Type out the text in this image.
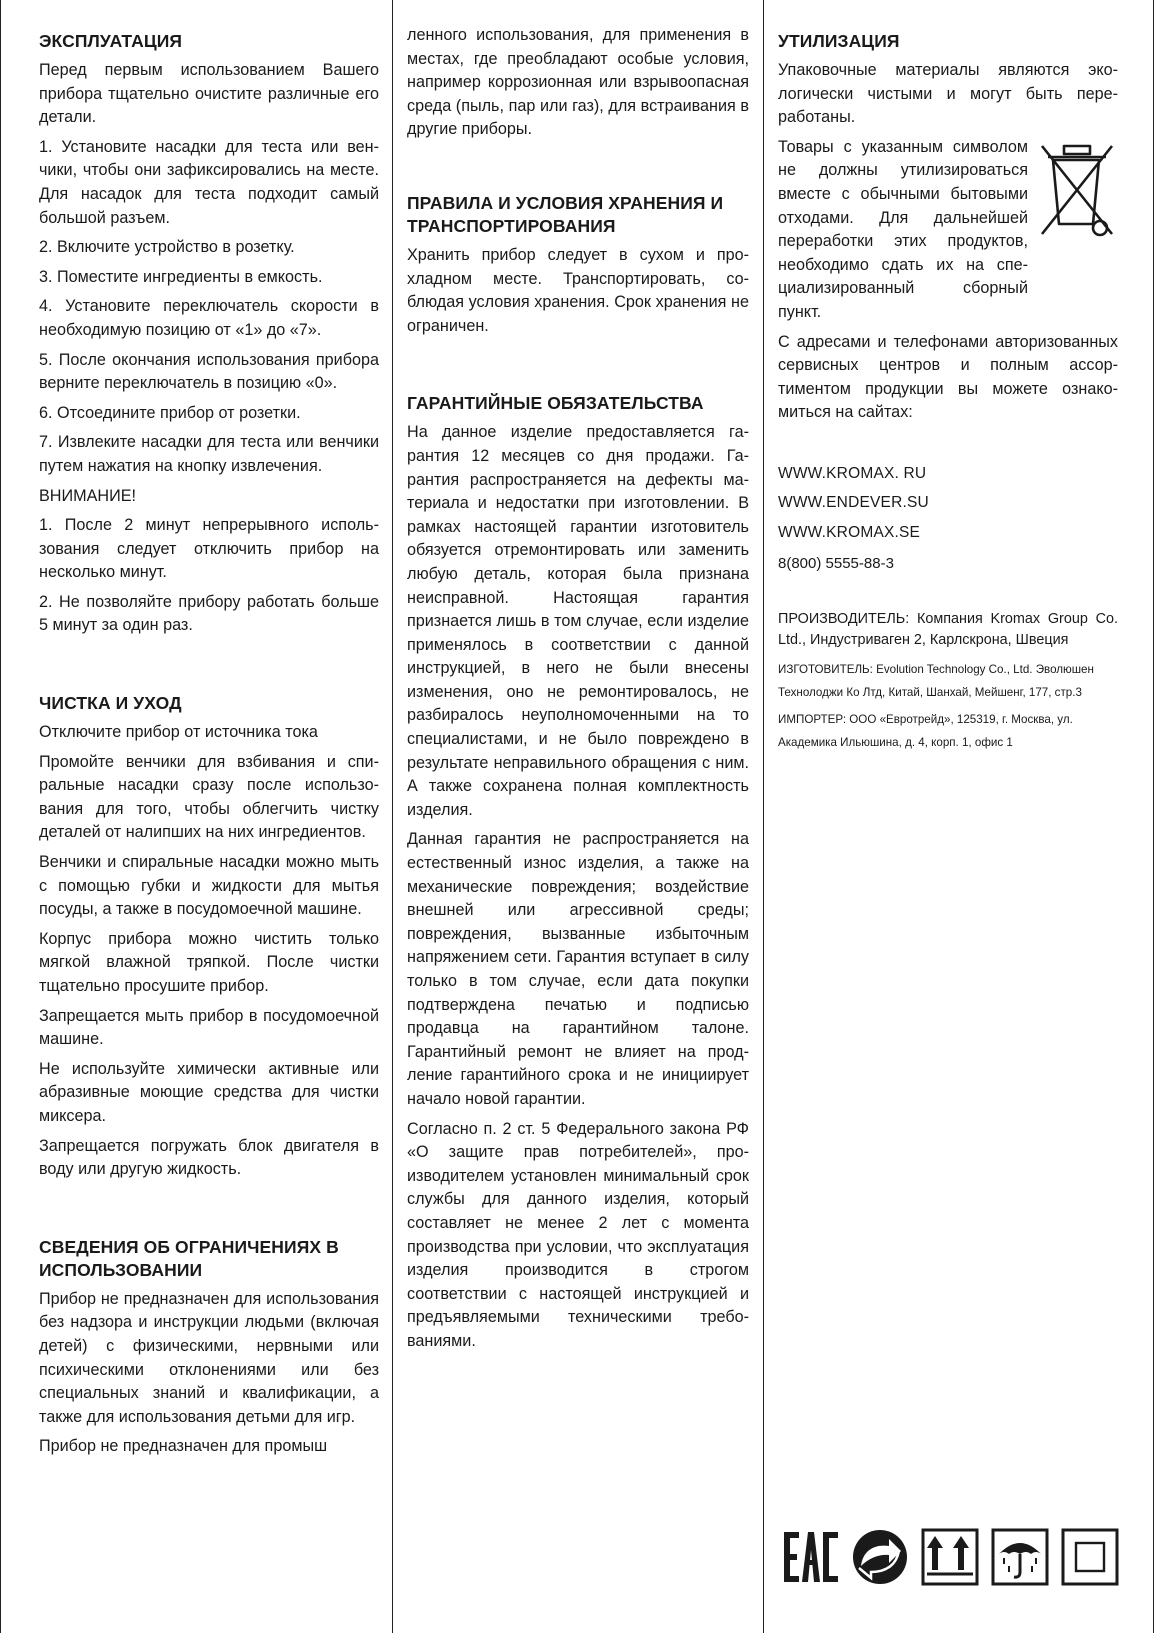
ЭКСПЛУАТАЦИЯ

Перед первым использованием Вашего прибора тщательно очистите различные его детали.

1. Установите насадки для теста или венчики, чтобы они зафиксировались на месте. Для насадок для теста подходит самый большой разъем.

2. Включите устройство в розетку.

3. Поместите ингредиенты в емкость.

4. Установите переключатель скорости в необходимую позицию от «1» до «7».

5. После окончания использования прибора верните переключатель в позицию «0».

6. Отсоедините прибор от розетки.

7. Извлеките насадки для теста или венчики путем нажатия на кнопку извлечения.

ВНИМАНИЕ!

1. После 2 минут непрерывного использования следует отключить прибор на несколько минут.

2. Не позволяйте прибору работать больше 5 минут за один раз.

ЧИСТКА И УХОД

Отключите прибор от источника тока

Промойте венчики для взбивания и спиральные насадки сразу после использования для того, чтобы облегчить чистку деталей от налипших на них ингредиентов.

Венчики и спиральные насадки можно мыть с помощью губки и жидкости для мытья посуды, а также в посудомоечной машине.

Корпус прибора можно чистить только мягкой влажной тряпкой. После чистки тщательно просушите прибор.

Запрещается мыть прибор в посудомоечной машине.

Не используйте химически активные или абразивные моющие средства для чистки миксера.

Запрещается погружать блок двигателя в воду или другую жидкость.

СВЕДЕНИЯ ОБ ОГРАНИЧЕНИЯХ В ИСПОЛЬЗОВАНИИ

Прибор не предназначен для использования без надзора и инструкции людьми (включая детей) с физическими, нервными или психическими отклонениями или без специальных знаний и квалификации, а также для использования детьми для игр.

Прибор не предназначен для промыш

ленного использования, для применения в местах, где преобладают особые условия, например коррозионная или взрывоопасная среда (пыль, пар или газ), для встраивания в другие приборы.

ПРАВИЛА И УСЛОВИЯ ХРАНЕНИЯ И ТРАНСПОРТИРОВАНИЯ

Хранить прибор следует в сухом и прохладном месте. Транспортировать, соблюдая условия хранения. Срок хранения не ограничен.

ГАРАНТИЙНЫЕ ОБЯЗАТЕЛЬСТВА

На данное изделие предоставляется гарантия 12 месяцев со дня продажи. Гарантия распространяется на дефекты материала и недостатки при изготовлении. В рамках настоящей гарантии изготовитель обязуется отремонтировать или заменить любую деталь, которая была признана неисправной. Настоящая гарантия признается лишь в том случае, если изделие применялось в соответствии с данной инструкцией, в него не были внесены изменения, оно не ремонтировалось, не разбиралось неуполномоченными на то специалистами, и не было повреждено в результате неправильного обращения с ним. А также сохранена полная комплектность изделия.

Данная гарантия не распространяется на естественный износ изделия, а также на механические повреждения; воздействие внешней или агрессивной среды; повреждения, вызванные избыточным напряжением сети. Гарантия вступает в силу только в том случае, если дата покупки подтверждена печатью и подписью продавца на гарантийном талоне. Гарантийный ремонт не влияет на продление гарантийного срока и не инициирует начало новой гарантии.

Согласно п. 2 ст. 5 Федерального закона РФ «О защите прав потребителей», производителем установлен минимальный срок службы для данного изделия, который составляет не менее 2 лет с момента производства при условии, что эксплуатация изделия производится в строгом соответствии с настоящей инструкцией и предъявляемыми техническими требованиями.

УТИЛИЗАЦИЯ

Упаковочные материалы являются экологически чистыми и могут быть переработаны.

Товары с указанным символом не должны утилизироваться вместе с обычными бытовыми отходами. Для дальнейшей переработки этих продуктов, необходимо сдать их на специализированный сборный пункт.

С адресами и телефонами авторизованных сервисных центров и полным ассортиментом продукции вы можете ознакомиться на сайтах:

WWW.KROMAX. RU

WWW.ENDEVER.SU

WWW.KROMAX.SE

8(800) 5555-88-3

ПРОИЗВОДИТЕЛЬ: Компания Kromax Group Co. Ltd., Индустриваген 2, Карлскрона, Швеция

ИЗГОТОВИТЕЛЬ: Evolution Technology Co., Ltd. Эволюшен Технолоджи Ко Лтд, Китай, Шанхай, Мейшенг, 177, стр.3

ИМПОРТЕР: ООО «Евротрейд», 125319, г. Москва, ул. Академика Ильюшина, д. 4, корп. 1, офис 1
